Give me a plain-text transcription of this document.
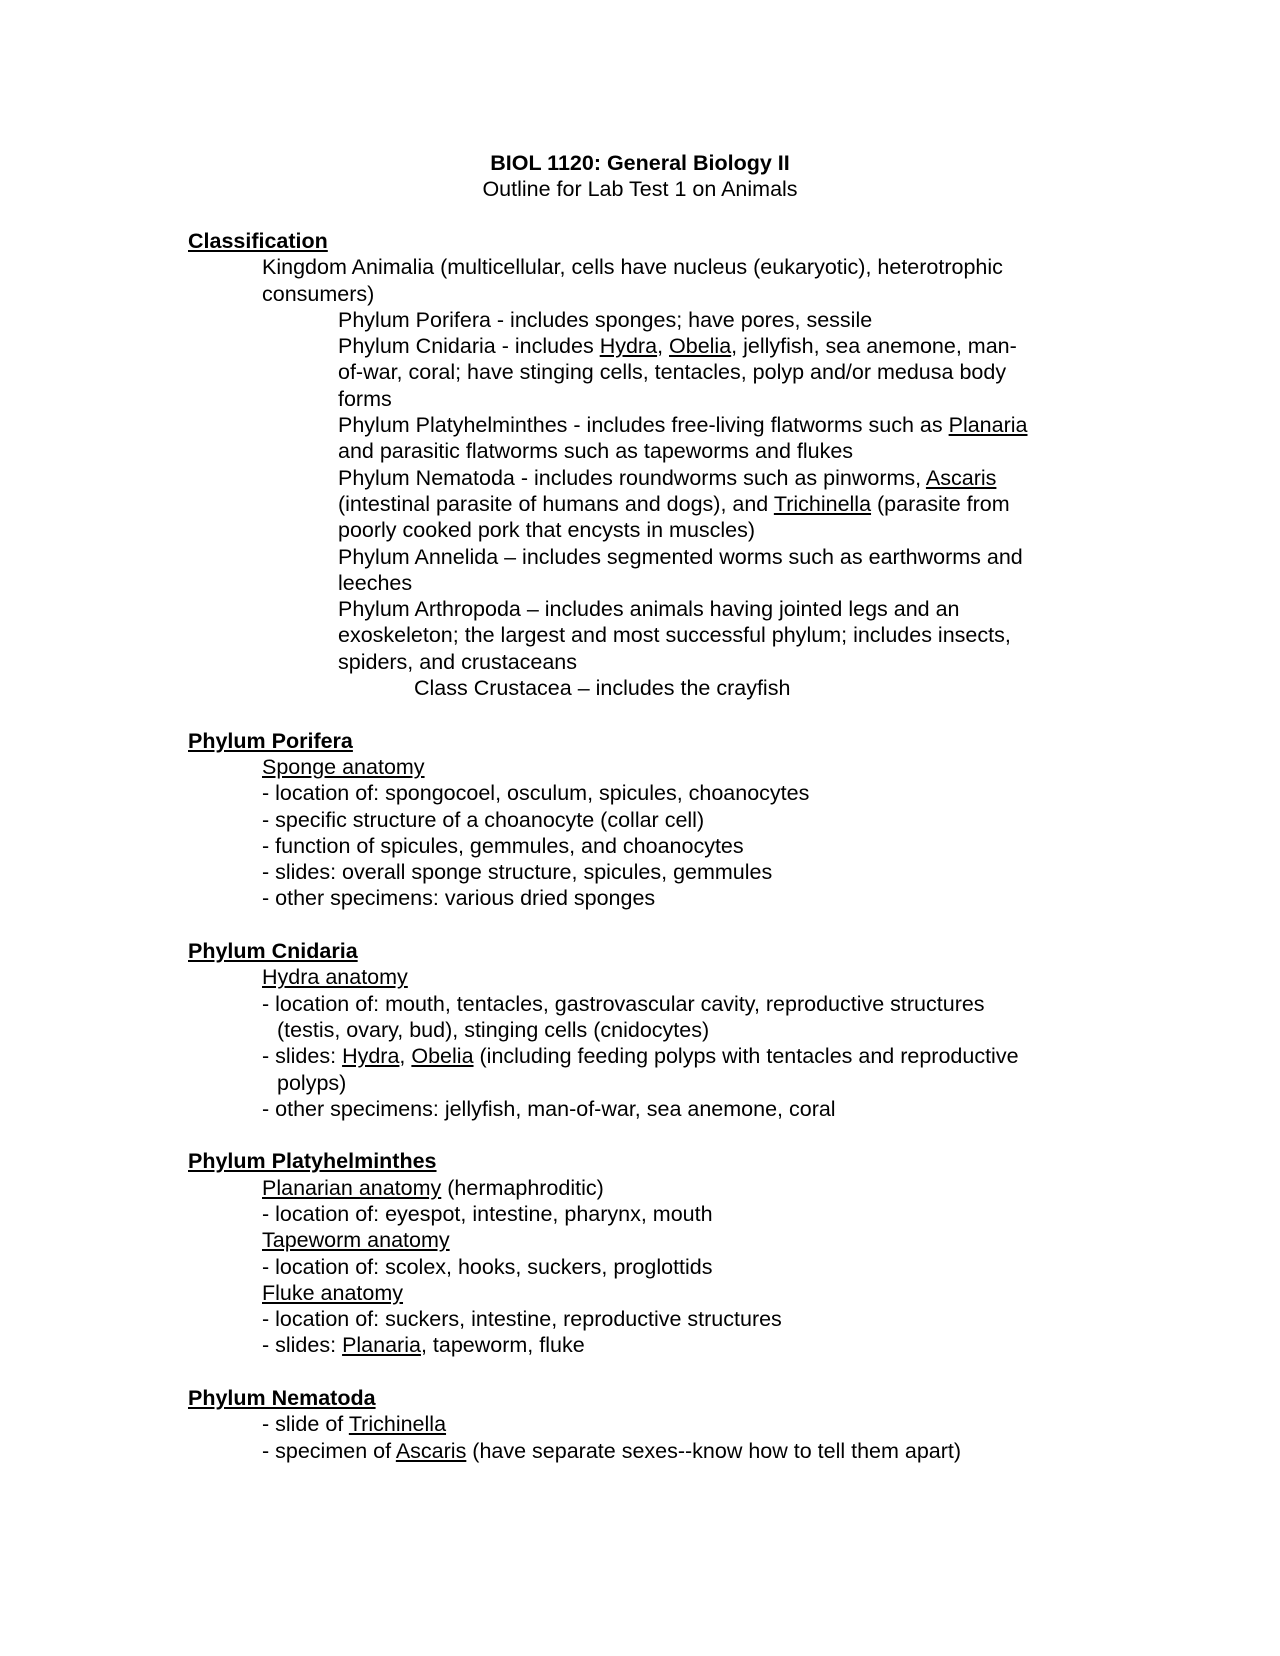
BIOL 1120: General Biology II
Outline for Lab Test 1 on Animals
Classification
Kingdom Animalia (multicellular, cells have nucleus (eukaryotic), heterotrophic consumers)
Phylum Porifera - includes sponges; have pores, sessile
Phylum Cnidaria - includes Hydra, Obelia, jellyfish, sea anemone, man-of-war, coral; have stinging cells, tentacles, polyp and/or medusa body forms
Phylum Platyhelminthes - includes free-living flatworms such as Planaria and parasitic flatworms such as tapeworms and flukes
Phylum Nematoda - includes roundworms such as pinworms, Ascaris (intestinal parasite of humans and dogs), and Trichinella (parasite from poorly cooked pork that encysts in muscles)
Phylum Annelida – includes segmented worms such as earthworms and leeches
Phylum Arthropoda – includes animals having jointed legs and an exoskeleton; the largest and most successful phylum; includes insects, spiders, and crustaceans
Class Crustacea – includes the crayfish
Phylum Porifera
Sponge anatomy
- location of: spongocoel, osculum, spicules, choanocytes
- specific structure of a choanocyte (collar cell)
- function of spicules, gemmules, and choanocytes
- slides: overall sponge structure, spicules, gemmules
- other specimens: various dried sponges
Phylum Cnidaria
Hydra anatomy
- location of: mouth, tentacles, gastrovascular cavity, reproductive structures (testis, ovary, bud), stinging cells (cnidocytes)
- slides: Hydra, Obelia (including feeding polyps with tentacles and reproductive polyps)
- other specimens: jellyfish, man-of-war, sea anemone, coral
Phylum Platyhelminthes
Planarian anatomy (hermaphroditic)
- location of: eyespot, intestine, pharynx, mouth
Tapeworm anatomy
- location of: scolex, hooks, suckers, proglottids
Fluke anatomy
- location of: suckers, intestine, reproductive structures
- slides: Planaria, tapeworm, fluke
Phylum Nematoda
- slide of Trichinella
- specimen of Ascaris (have separate sexes--know how to tell them apart)
